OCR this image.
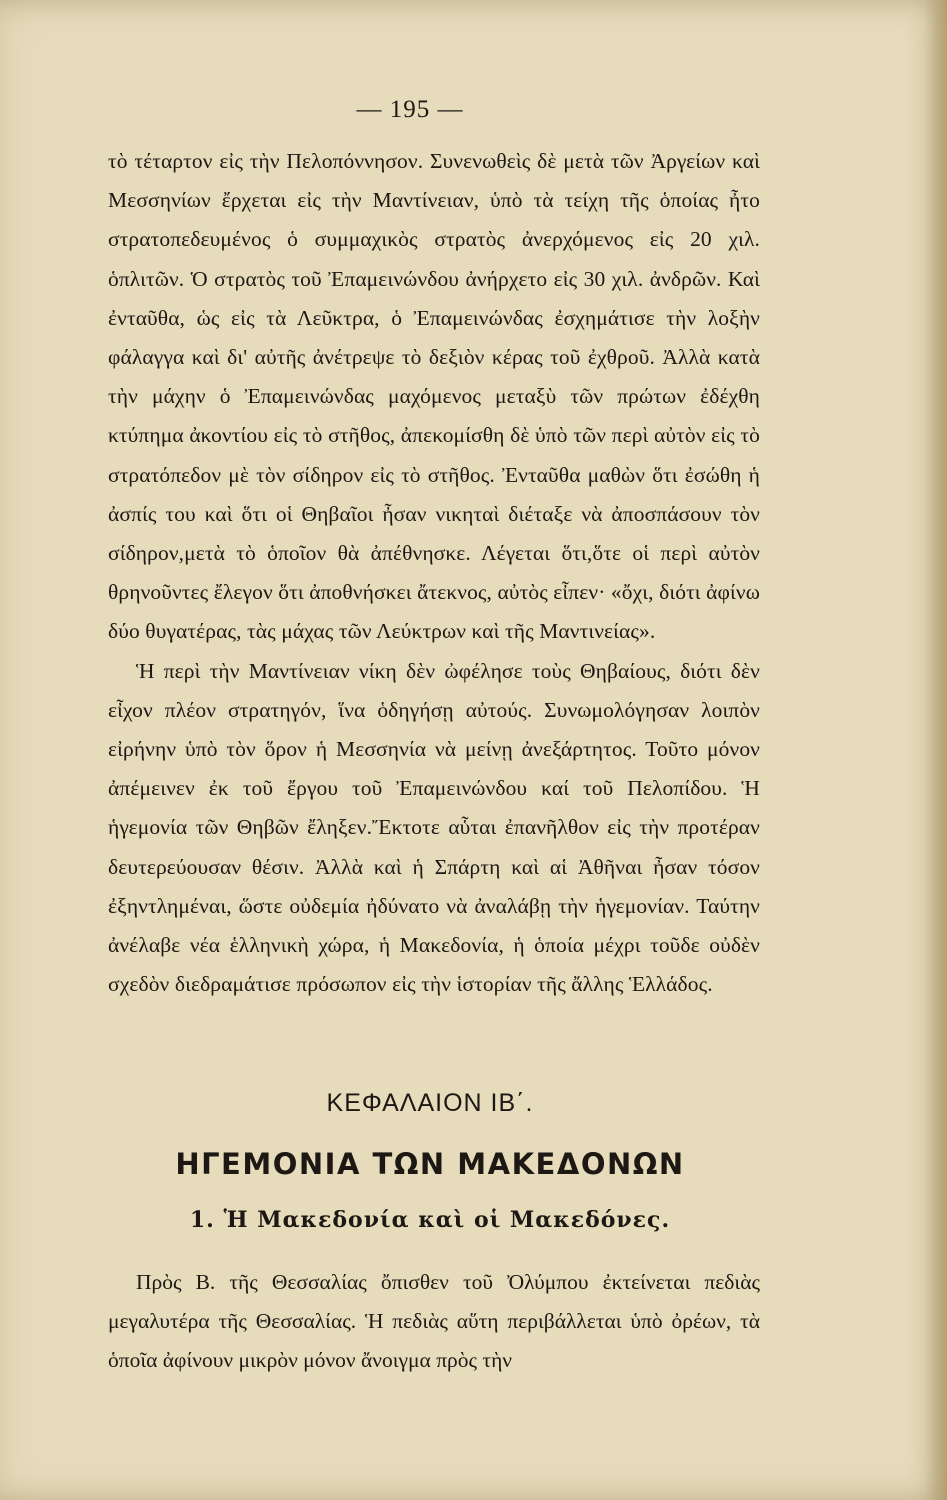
— 195 —

τὸ τέταρτον εἰς τὴν Πελοπόννησον. Συνενωθεὶς δὲ μετὰ τῶν Ἀργείων καὶ Μεσσηνίων ἔρχεται εἰς τὴν Μαντίνειαν, ὑπὸ τὰ τείχη τῆς ὁποίας ἦτο στρατοπεδευμένος ὁ συμμαχικὸς στρατὸς ἀνερχόμενος εἰς 20 χιλ. ὁπλιτῶν. Ὁ στρατὸς τοῦ Ἐπαμεινώνδου ἀνήρχετο εἰς 30 χιλ. ἀνδρῶν. Καὶ ἐνταῦθα, ὡς εἰς τὰ Λεῦκτρα, ὁ Ἐπαμεινώνδας ἐσχημάτισε τὴν λοξὴν φάλαγγα καὶ δι' αὐτῆς ἀνέτρεψε τὸ δεξιὸν κέρας τοῦ ἐχθροῦ. Ἀλλὰ κατὰ τὴν μάχην ὁ Ἐπαμεινώνδας μαχόμενος μεταξὺ τῶν πρώτων ἐδέχθη κτύπημα ἀκοντίου εἰς τὸ στῆθος, ἀπεκομίσθη δὲ ὑπὸ τῶν περὶ αὐτὸν εἰς τὸ στρατόπεδον μὲ τὸν σίδηρον εἰς τὸ στῆθος. Ἐνταῦθα μαθὼν ὅτι ἐσώθη ἡ ἀσπίς του καὶ ὅτι οἱ Θηβαῖοι ἦσαν νικηταὶ διέταξε νὰ ἀποσπάσουν τὸν σίδηρον,μετὰ τὸ ὁποῖον θὰ ἀπέθνησκε. Λέγεται ὅτι,ὅτε οἱ περὶ αὐτὸν θρηνοῦντες ἔλεγον ὅτι ἀποθνήσκει ἄτεκνος, αὐτὸς εἶπεν· «ὄχι, διότι ἀφίνω δύο θυγατέρας, τὰς μάχας τῶν Λεύκτρων καὶ τῆς Μαντινείας».

Ἡ περὶ τὴν Μαντίνειαν νίκη δὲν ὠφέλησε τοὺς Θηβαίους, διότι δὲν εἶχον πλέον στρατηγόν, ἵνα ὁδηγήσῃ αὐτούς. Συνωμολόγησαν λοιπὸν εἰρήνην ὑπὸ τὸν ὅρον ἡ Μεσσηνία νὰ μείνῃ ἀνεξάρτητος. Τοῦτο μόνον ἀπέμεινεν ἐκ τοῦ ἔργου τοῦ Ἐπαμεινώνδου καί τοῦ Πελοπίδου. Ἡ ἡγεμονία τῶν Θηβῶν ἔληξεν.Ἔκτοτε αὗται ἐπανῆλθον εἰς τὴν προτέραν δευτερεύουσαν θέσιν. Ἀλλὰ καὶ ἡ Σπάρτη καὶ αἱ Ἀθῆναι ἦσαν τόσον ἐξηντλημέναι, ὥστε οὐδεμία ἠδύνατο νὰ ἀναλάβῃ τὴν ἡγεμονίαν. Ταύτην ἀνέλαβε νέα ἑλληνικὴ χώρα, ἡ Μακεδονία, ἡ ὁποία μέχρι τοῦδε οὐδὲν σχεδὸν διεδραμάτισε πρόσωπον εἰς τὴν ἱστορίαν τῆς ἄλλης Ἑλλάδος.

ΚΕΦΑΛΑΙΟΝ ΙΒ΄.
ΗΓΕΜΟΝΙΑ ΤΩΝ ΜΑΚΕΔΟΝΩΝ
1. Ἡ Μακεδονία καὶ οἱ Μακεδόνες.

Πρὸς Β. τῆς Θεσσαλίας ὄπισθεν τοῦ Ὀλύμπου ἐκτείνεται πεδιὰς μεγαλυτέρα τῆς Θεσσαλίας. Ἡ πεδιὰς αὕτη περιβάλλεται ὑπὸ ὀρέων, τὰ ὁποῖα ἀφίνουν μικρὸν μόνον ἄνοιγμα πρὸς τὴν
